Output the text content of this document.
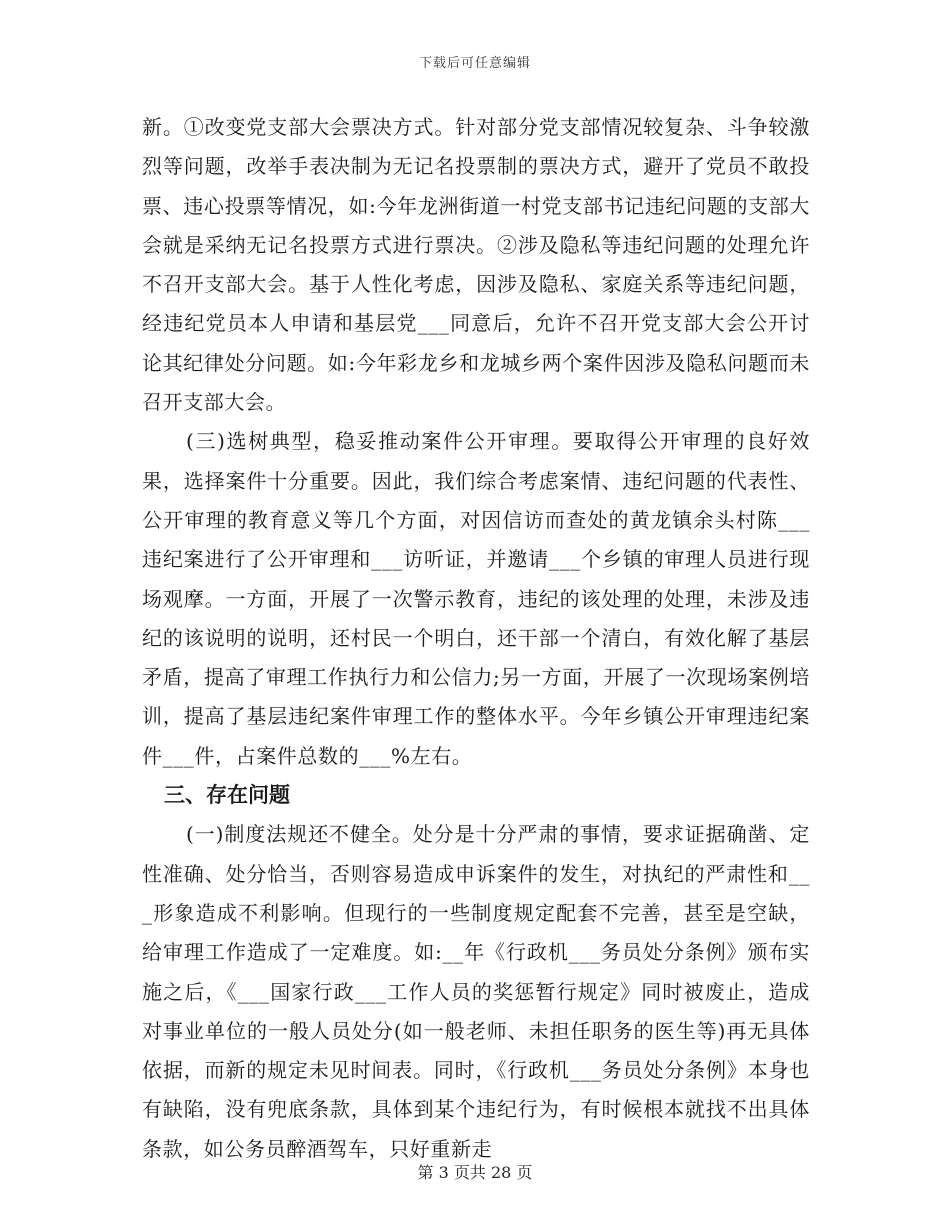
下载后可任意编辑

新。①改变党支部大会票决方式。针对部分党支部情况较复杂、斗争较激烈等问题，改举手表决制为无记名投票制的票决方式，避开了党员不敢投票、违心投票等情况，如:今年龙洲街道一村党支部书记违纪问题的支部大会就是采纳无记名投票方式进行票决。②涉及隐私等违纪问题的处理允许不召开支部大会。基于人性化考虑，因涉及隐私、家庭关系等违纪问题，经违纪党员本人申请和基层党___同意后，允许不召开党支部大会公开讨论其纪律处分问题。如:今年彩龙乡和龙城乡两个案件因涉及隐私问题而未召开支部大会。

(三)选树典型，稳妥推动案件公开审理。要取得公开审理的良好效果，选择案件十分重要。因此，我们综合考虑案情、违纪问题的代表性、公开审理的教育意义等几个方面，对因信访而查处的黄龙镇余头村陈___违纪案进行了公开审理和___访听证，并邀请___个乡镇的审理人员进行现场观摩。一方面，开展了一次警示教育，违纪的该处理的处理，未涉及违纪的该说明的说明，还村民一个明白，还干部一个清白，有效化解了基层矛盾，提高了审理工作执行力和公信力;另一方面，开展了一次现场案例培训，提高了基层违纪案件审理工作的整体水平。今年乡镇公开审理违纪案件___件，占案件总数的___%左右。

三、存在问题

(一)制度法规还不健全。处分是十分严肃的事情，要求证据确凿、定性准确、处分恰当，否则容易造成申诉案件的发生，对执纪的严肃性和___形象造成不利影响。但现行的一些制度规定配套不完善，甚至是空缺，给审理工作造成了一定难度。如:__年《行政机___务员处分条例》颁布实施之后，《___国家行政___工作人员的奖惩暂行规定》同时被废止，造成对事业单位的一般人员处分(如一般老师、未担任职务的医生等)再无具体依据，而新的规定未见时间表。同时，《行政机___务员处分条例》本身也有缺陷，没有兜底条款，具体到某个违纪行为，有时候根本就找不出具体条款，如公务员醉酒驾车，只好重新走

第 3 页共 28 页
